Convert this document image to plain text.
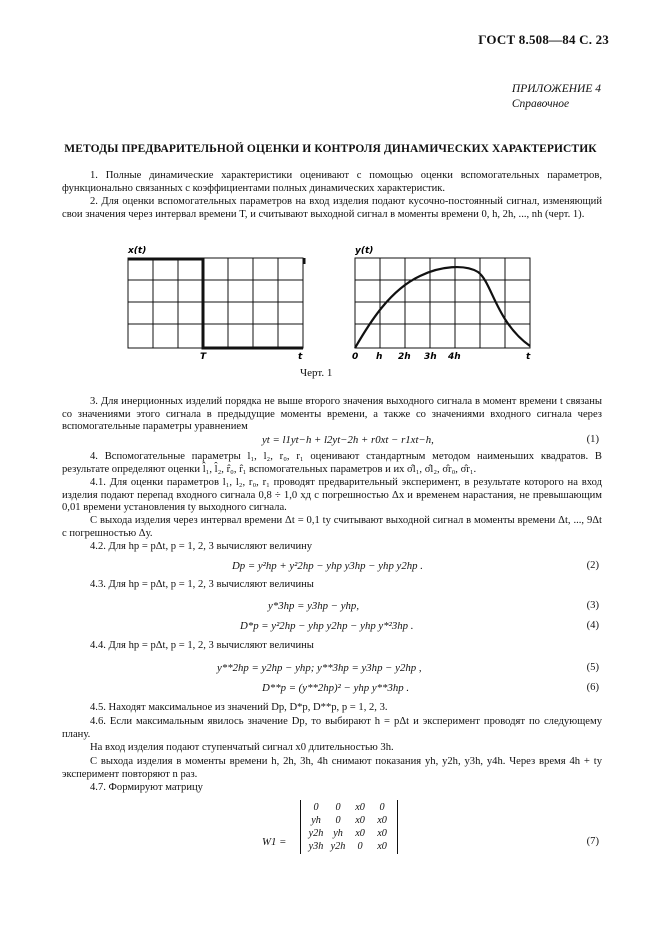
ГОСТ 8.508—84 С. 23
ПРИЛОЖЕНИЕ 4
Справочное
МЕТОДЫ ПРЕДВАРИТЕЛЬНОЙ ОЦЕНКИ И КОНТРОЛЯ ДИНАМИЧЕСКИХ ХАРАКТЕРИСТИК
1. Полные динамические характеристики оценивают с помощью оценки вспомогательных параметров, функционально связанных с коэффициентами полных динамических характеристик.
2. Для оценки вспомогательных параметров на вход изделия подают кусочно-постоянный сигнал, изменяющий свои значения через интервал времени T, и считывают выходной сигнал в моменты времени 0, h, 2h, ..., nh (черт. 1).
x(t)
T	t
y(t)
0 h 2h 3h 4h	t
Черт. 1
3. Для инерционных изделий порядка не выше второго значения выходного сигнала в момент времени t связаны со значениями этого сигнала в предыдущие моменты времени, а также со значениями входного сигнала через вспомогательные параметры уравнением
yt = l1yt−h + l2yt−2h + r0xt − r1xt−h,	(1)
4. Вспомогательные параметры l₁, l₂, r₀, r₁ оценивают стандартным методом наименьших квадратов. В результате определяют оценки l̂₁, l̂₂, r̂₀, r̂₁ вспомогательных параметров и их σ̂l₁, σ̂l₂, σ̂r₀, σ̂r₁.
4.1. Для оценки параметров l₁, l₂, r₀, r₁ проводят предварительный эксперимент, в результате которого на вход изделия подают перепад входного сигнала 0,8 ÷ 1,0 xд с погрешностью Δx и временем нарастания, не превышающим 0,01 времени установления tу выходного сигнала.
С выхода изделия через интервал времени Δt = 0,1 tу считывают выходной сигнал в моменты времени Δt, ..., 9Δt с погрешностью Δу.
4.2. Для hp = pΔt, p = 1, 2, 3 вычисляют величину
Dp = y²hp + y²2hp − yhp y3hp − yhp y2hp .	(2)
4.3. Для hp = pΔt, p = 1, 2, 3 вычисляют величины
y*3hp = y3hp − yhp,	(3)
D*p = y²2hp − yhp y2hp − yhp y*²3hp .	(4)
4.4. Для hp = pΔt, p = 1, 2, 3 вычисляют величины
y**2hp = y2hp − yhp; y**3hp = y3hp − y2hp ,	(5)
D**p = (y**2hp)² − yhp y**3hp .	(6)
4.5. Находят максимальное из значений Dp, D*p, D**p, p = 1, 2, 3.
4.6. Если максимальным явилось значение Dp, то выбирают h = pΔt и эксперимент проводят по следующему плану.
На вход изделия подают ступенчатый сигнал x0 длительностью 3h.
С выхода изделия в моменты времени h, 2h, 3h, 4h снимают показания yh, y2h, y3h, y4h. Через время 4h + tу эксперимент повторяют n раз.
4.7. Формируют матрицу
W1 =
0	0	x0	0
yh	0	x0	x0
y2h	yh	x0	x0
y3h	y2h	0	x0	(7)
